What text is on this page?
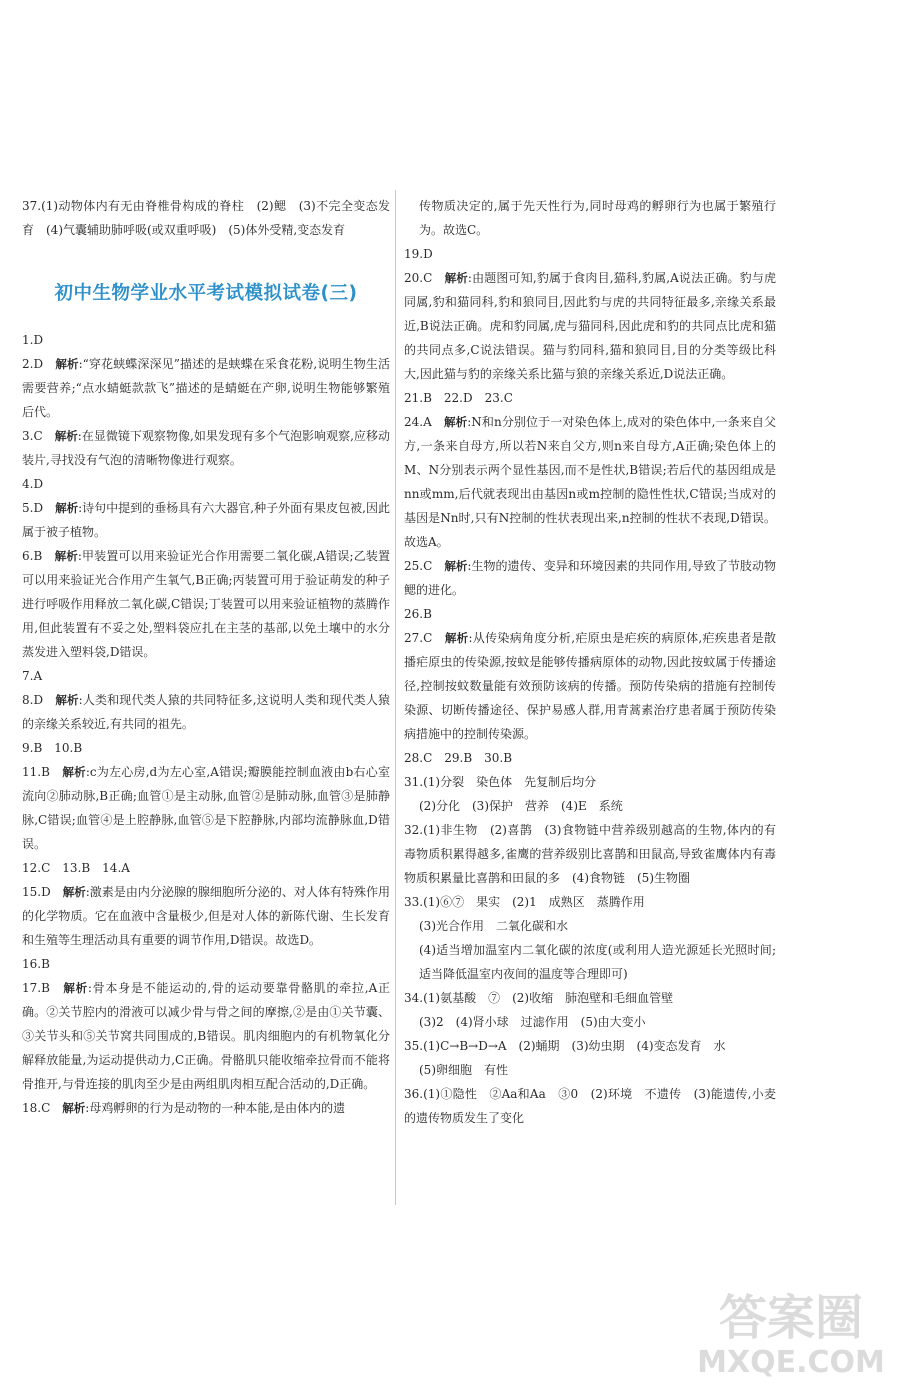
37.(1)动物体内有无由脊椎骨构成的脊柱　(2)鳃　(3)不完全变态发育　(4)气囊辅助肺呼吸(或双重呼吸)　(5)体外受精,变态发育
初中生物学业水平考试模拟试卷(三)
1.D
2.D　 解析:“穿花蛱蝶深深见”描述的是蛱蝶在采食花粉,说明生物生活需要营养;“点水蜻蜓款款飞”描述的是蜻蜓在产卵,说明生物能够繁殖后代。
3.C　 解析:在显微镜下观察物像,如果发现有多个气泡影响观察,应移动装片,寻找没有气泡的清晰物像进行观察。
4.D
5.D　 解析:诗句中提到的垂杨具有六大器官,种子外面有果皮包被,因此属于被子植物。
6.B　 解析:甲装置可以用来验证光合作用需要二氧化碳,A错误;乙装置可以用来验证光合作用产生氧气,B正确;丙装置可用于验证萌发的种子进行呼吸作用释放二氧化碳,C错误;丁装置可以用来验证植物的蒸腾作用,但此装置有不妥之处,塑料袋应扎在主茎的基部,以免土壤中的水分蒸发进入塑料袋,D错误。
7.A
8.D　 解析:人类和现代类人猿的共同特征多,这说明人类和现代类人猿的亲缘关系较近,有共同的祖先。
9.B　10.B
11.B　 解析:c为左心房,d为左心室,A错误;瓣膜能控制血液由b右心室流向②肺动脉,B正确;血管①是主动脉,血管②是肺动脉,血管③是肺静脉,C错误;血管④是上腔静脉,血管⑤是下腔静脉,内部均流静脉血,D错误。
12.C　13.B　14.A
15.D　 解析:激素是由内分泌腺的腺细胞所分泌的、对人体有特殊作用的化学物质。它在血液中含量极少,但是对人体的新陈代谢、生长发育和生殖等生理活动具有重要的调节作用,D错误。故选D。
16.B
17.B　 解析:骨本身是不能运动的,骨的运动要靠骨骼肌的牵拉,A正确。②关节腔内的滑液可以减少骨与骨之间的摩擦,②是由①关节囊、③关节头和⑤关节窝共同围成的,B错误。肌肉细胞内的有机物氧化分解释放能量,为运动提供动力,C正确。骨骼肌只能收缩牵拉骨而不能将骨推开,与骨连接的肌肉至少是由两组肌肉相互配合活动的,D正确。
18.C　 解析:母鸡孵卵的行为是动物的一种本能,是由体内的遗
传物质决定的,属于先天性行为,同时母鸡的孵卵行为也属于繁殖行为。故选C。
19.D
20.C　 解析:由题图可知,豹属于食肉目,猫科,豹属,A说法正确。豹与虎同属,豹和猫同科,豹和狼同目,因此豹与虎的共同特征最多,亲缘关系最近,B说法正确。虎和豹同属,虎与猫同科,因此虎和豹的共同点比虎和猫的共同点多,C说法错误。猫与豹同科,猫和狼同目,目的分类等级比科大,因此猫与豹的亲缘关系比猫与狼的亲缘关系近,D说法正确。
21.B　22.D　23.C
24.A　 解析:N和n分别位于一对染色体上,成对的染色体中,一条来自父方,一条来自母方,所以若N来自父方,则n来自母方,A正确;染色体上的M、N分别表示两个显性基因,而不是性状,B错误;若后代的基因组成是nn或mm,后代就表现出由基因n或m控制的隐性性状,C错误;当成对的基因是Nn时,只有N控制的性状表现出来,n控制的性状不表现,D错误。故选A。
25.C　 解析:生物的遗传、变异和环境因素的共同作用,导致了节肢动物鳃的进化。
26.B
27.C　 解析:从传染病角度分析,疟原虫是疟疾的病原体,疟疾患者是散播疟原虫的传染源,按蚊是能够传播病原体的动物,因此按蚊属于传播途径,控制按蚊数量能有效预防该病的传播。预防传染病的措施有控制传染源、切断传播途径、保护易感人群,用青蒿素治疗患者属于预防传染病措施中的控制传染源。
28.C　29.B　30.B
31.(1)分裂　染色体　先复制后均分
(2)分化　(3)保护　营养　(4)E　系统
32.(1)非生物　(2)喜鹊　(3)食物链中营养级别越高的生物,体内的有毒物质积累得越多,雀鹰的营养级别比喜鹊和田鼠高,导致雀鹰体内有毒物质积累量比喜鹊和田鼠的多　(4)食物链　(5)生物圈
33.(1)⑥⑦　果实　(2)1　成熟区　蒸腾作用
(3)光合作用　二氧化碳和水
(4)适当增加温室内二氧化碳的浓度(或利用人造光源延长光照时间;适当降低温室内夜间的温度等合理即可)
34.(1)氨基酸　⑦　(2)收缩　肺泡壁和毛细血管壁
(3)2　(4)肾小球　过滤作用　(5)由大变小
35.(1)C→B→D→A　(2)蛹期　(3)幼虫期　(4)变态发育　水
(5)卵细胞　有性
36.(1)①隐性　②Aa和Aa　③0　(2)环境　不遗传　(3)能遗传,小麦的遗传物质发生了变化
答案圈
MXQE.COM
